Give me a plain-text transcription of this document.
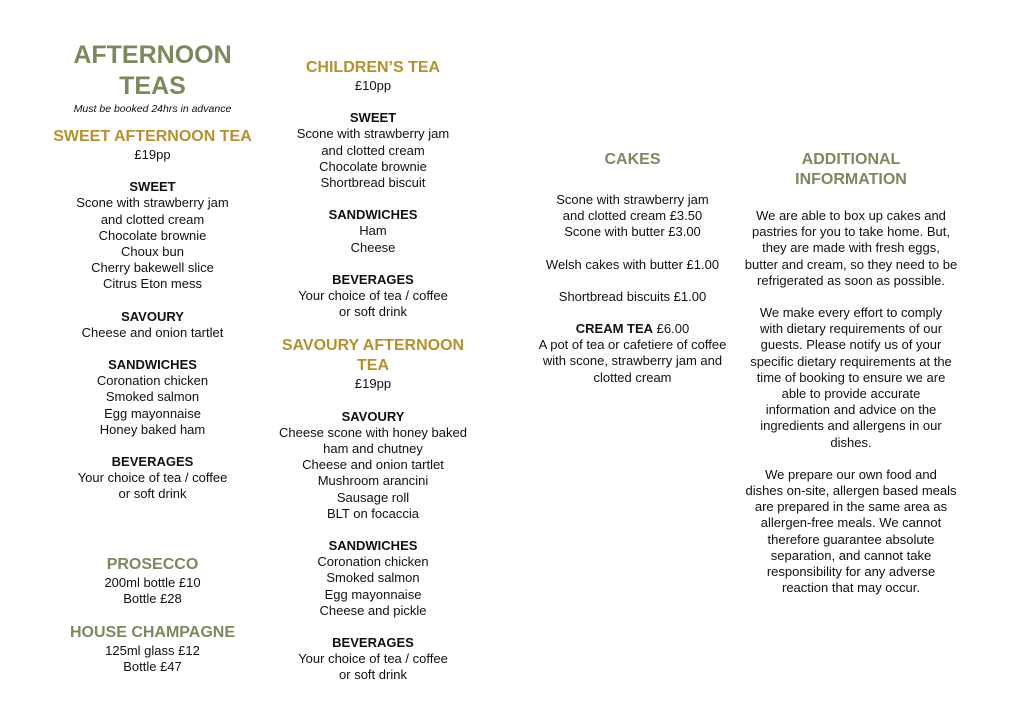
AFTERNOON
TEAS
Must be booked 24hrs in advance
SWEET AFTERNOON TEA
£19pp
SWEET
Scone with strawberry jam
and clotted cream
Chocolate brownie
Choux bun
Cherry bakewell slice
Citrus Eton mess
SAVOURY
Cheese and onion tartlet
SANDWICHES
Coronation chicken
Smoked salmon
Egg mayonnaise
Honey baked ham
BEVERAGES
Your choice of tea / coffee
or soft drink
PROSECCO
200ml bottle £10
Bottle £28
HOUSE CHAMPAGNE
125ml glass £12
Bottle £47
CHILDREN’S TEA
£10pp
SWEET
Scone with strawberry jam
and clotted cream
Chocolate brownie
Shortbread biscuit
SANDWICHES
Ham
Cheese
BEVERAGES
Your choice of tea / coffee
or soft drink
SAVOURY AFTERNOON
TEA
£19pp
SAVOURY
Cheese scone with honey baked
ham and chutney
Cheese and onion tartlet
Mushroom arancini
Sausage roll
BLT on focaccia
SANDWICHES
Coronation chicken
Smoked salmon
Egg mayonnaise
Cheese and pickle
BEVERAGES
Your choice of tea / coffee
or soft drink
CAKES
Scone with strawberry jam
and clotted cream £3.50
Scone with butter £3.00
Welsh cakes with butter £1.00
Shortbread biscuits £1.00
CREAM TEA £6.00
A pot of tea or cafetiere of coffee
with scone, strawberry jam and
clotted cream
ADDITIONAL
INFORMATION
We are able to box up cakes and
pastries for you to take home. But,
they are made with fresh eggs,
butter and cream, so they need to be
refrigerated as soon as possible.
We make every effort to comply
with dietary requirements of our
guests. Please notify us of your
specific dietary requirements at the
time of booking to ensure we are
able to provide accurate
information and advice on the
ingredients and allergens in our
dishes.
We prepare our own food and
dishes on-site, allergen based meals
are prepared in the same area as
allergen-free meals. We cannot
therefore guarantee absolute
separation, and cannot take
responsibility for any adverse
reaction that may occur.
